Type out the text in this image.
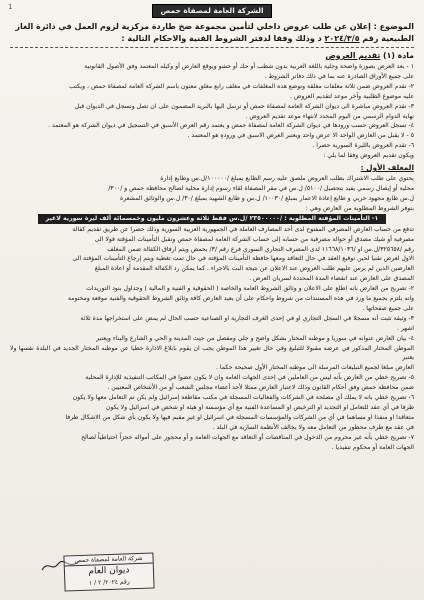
1	الشركة العامة لمصفاة حمص
الموضوع : إعلان عن طلب عروض داخلي لتأمين مجموعة ضخ طاردة مركزية لزوم العمل في دائرة الغاز
الطبيعية رقم ٢٠٢٤/٣/٥ د وذلك وفقا لدفتر الشروط الفنية والاحكام التالية :
مادة (١) تقديم العروض

١ - يعد العرض بصورة واضحة وجلية باللغة العربية بدون شطب أو حك أو حشو ويوقع العارض أو وكيله المعتمد وفق الأصول القانونية

على جميع الأوراق الصادرة عنه بما في ذلك دفاتر الشروط .

٢- تقدم العروض ضمن ثلاثة مغلفات مغلقة وتوضع هذه المغلفات في مغلف رابع مغلق معنون باسم الشركة العامة لمصفاة حمص ، ويكتب

عليه موضوع الطلبية وآخر موعد لتقديم العروض .

٣- تقدم العروض مباشرة الى ديوان الشركة العامة لمصفاة حمص أو ترسل اليها بالبريد المضمون على ان تصل وتسجل في الديوان قبل

نهاية الدوام الرسمي من اليوم المحدد لانتهاء موعد تقديم العروض .

٤- تسجل العروض حسب ورودها في ديوان الشركة العامة لمصفاة حمص و يعتمد رقم العرض الأسبق في التسجيل في ديوان الشركة هو المعتمد .

٥ - لا يقبل من العارض الواحد الا عرض واحد ويعتبر العرض الاسبق في ورودهِ هو المعتمد .

٦- تقدم العروض بالليرة السورية حصرا .

ويكون تقديم العروض وفقا لما يلي :

المغلف الأول :

يحتوي على طلب الاشتراك بطلب العروض ملصق عليه رسم الطابع بمبلغ /١٠٠٠٠٠/ل.س وطابع إدارة

محلية أو إيصال رسمي يفيد بتحصيل /٥١٠٠/ ل.س في مقر المصفاة لقاء رسوم إدارة محلية لصالح محافظة حمص و /٣٠٠/

ل.س طابع مجهود حربي و طابع إعادة الاعمار بمبلغ /١٠٠٣٠/ ل.س و طابع الشهيد بمبلغ /٣٠/ ل.س والوثائق المشعرة

بتوفر الشروط المطلوبة من العارض وهي :

١- التأمينات المؤقتة المطلوبة : /٢٣٥٠٠٠٠٠ /ل.س فقط ثلاثة وعشرون مليون وخمسمائة ألف ليرة سورية لاغير

تدفع من حساب العارض المصرفي المفتوح لدى أحد المصارف العاملة في الجمهورية العربية السورية وذلك حصرا عن طريق تقديم كفالة

مصرفية أو شيك مصدق أو حوالة مصرفية من حسابه إلى حساب الشركة العامة لمصفاة حمص وتقبل التأمينات المؤقتة قولا الى

رقم /٣٢٥٦٥٨/ل.س او /١١٦٦٨/١٠٣٦ لدى المصرف التجاري السوري فرع رقم /٣/ بحمص ويتم ارفاق الكفالة ضمن المغلف

الاول لعرض تقنيا لحين توقيع العقد في حال التعاقد ومعها حافظة التأمينات المؤقتة في حال تمت تغطية ويتم إرجاع التأمينات المؤقتة الى

العارضين الذين لم يرس عليهم طلب العروض عند الاعلان عن نتيجة البت بالاجراء . كما يمكن رد الكفالة المقدمة أو اعادة المبلغ

المصدق على العارض عند انقضاء المدة المحددة لسريان العرض .

٢- تصريح من العارض بانه اطلع على الاعلان و وثائق الشروط العامة والخاصة ( الحقوقية و الفنية و المالية ) وجداول بنود التوريدات

وانه يلتزم بجميع ما ورد في هذه المستندات من شروط واحكام على أن يعيد العارض كافة وثائق الشروط الحقوقية والفنية موقعة ومختومة

على جميع صفحاتها .

٣- وثيقة تثبت أنه مسجلا في السجل التجاري او في إحدى الغرف التجارية او الصناعية حسب الحال لم يمض على استخراجها مدة ثلاثة

اشهر .

٤- بيان العارض عنوانه في سوريا و موطنه المختار بشكل واضح و جلي ومفصل من حيث المدينة و الحي و الشارع والبناء ويعتبر

الموطن المختار المذكور في عرضه مقبولا للتبليغ وفي حال تغيير هذا الموطن يجب ان يقوم بابلاغ الادارة خطيا عن موطنه المختار الجديد في البلدة نفسها ولا يعتبر

العارض مبلغا لجميع التبليغات المرسلة الى موطنه المختار الأول صحيحة حكما .

٥- تصريح خطي من العارض بأنه ليس من العاملين في إحدى الجهات العامة وان لا يكون عضوا في المكاتب التنفيذية للإدارة المحلية

ضمن محافظة حمص وفق أحكام القانون وذلك لاعتبار العارض ممثلا لأحد أعضاء مجلس الشعب أو من الأشخاص المعنيين .

٦- تصريح خطي بانه لا يملك أي مصلحة في الشركات والفعاليات المسجلة في مكتب مقاطعة إسرائيل ولم يكن تم التعامل معها ولا يكون

طرفا في أي عقد للتعامل او التجديد او الترخيص او المساعدة الفنية مع أي مؤسسة او هيئة او شخص في اسرائيل ولا يكون

متعاقدا او منفذا او مساهما في أي من الشركات والمؤسسات المسجلة في اسرائيل او غير مقيم فيها ولا يكون بأي شكل من الاشكال طرفا

في عقد مع طرف محظور من التعامل معه ولا يخالف الأنظمة السارية في البلد .

٧- تصريح خطي بأنه غير محروم من الدخول في المناقصات أو التعاقد مع الجهات العامة و أو محجوز على أمواله حجزاً احتياطياً لصالح

الجهات العامة أو محكوم تنفيذيا .

شركة العامة لمصفاة حمص
ديوان العام
رقم ٢٠٢٤/ ٢ / ١
